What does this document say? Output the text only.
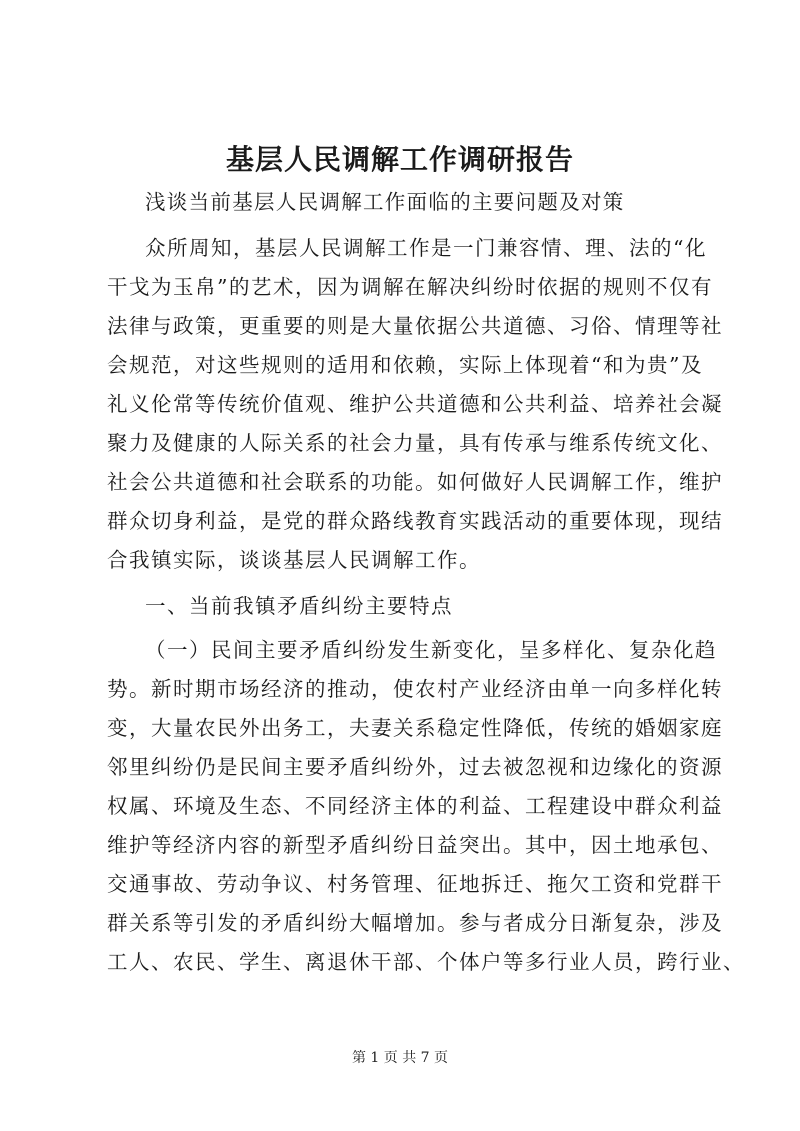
基层人民调解工作调研报告
浅谈当前基层人民调解工作面临的主要问题及对策
众所周知，基层人民调解工作是一门兼容情、理、法的“化
干戈为玉帛”的艺术，因为调解在解决纠纷时依据的规则不仅有
法律与政策，更重要的则是大量依据公共道德、习俗、情理等社
会规范，对这些规则的适用和依赖，实际上体现着“和为贵”及
礼义伦常等传统价值观、维护公共道德和公共利益、培养社会凝
聚力及健康的人际关系的社会力量，具有传承与维系传统文化、
社会公共道德和社会联系的功能。如何做好人民调解工作，维护
群众切身利益，是党的群众路线教育实践活动的重要体现，现结
合我镇实际，谈谈基层人民调解工作。
一、当前我镇矛盾纠纷主要特点
（一）民间主要矛盾纠纷发生新变化，呈多样化、复杂化趋
势。新时期市场经济的推动，使农村产业经济由单一向多样化转
变，大量农民外出务工，夫妻关系稳定性降低，传统的婚姻家庭
邻里纠纷仍是民间主要矛盾纠纷外，过去被忽视和边缘化的资源
权属、环境及生态、不同经济主体的利益、工程建设中群众利益
维护等经济内容的新型矛盾纠纷日益突出。其中，因土地承包、
交通事故、劳动争议、村务管理、征地拆迁、拖欠工资和党群干
群关系等引发的矛盾纠纷大幅增加。参与者成分日渐复杂，涉及
工人、农民、学生、离退休干部、个体户等多行业人员，跨行业、
第 1 页 共 7 页
